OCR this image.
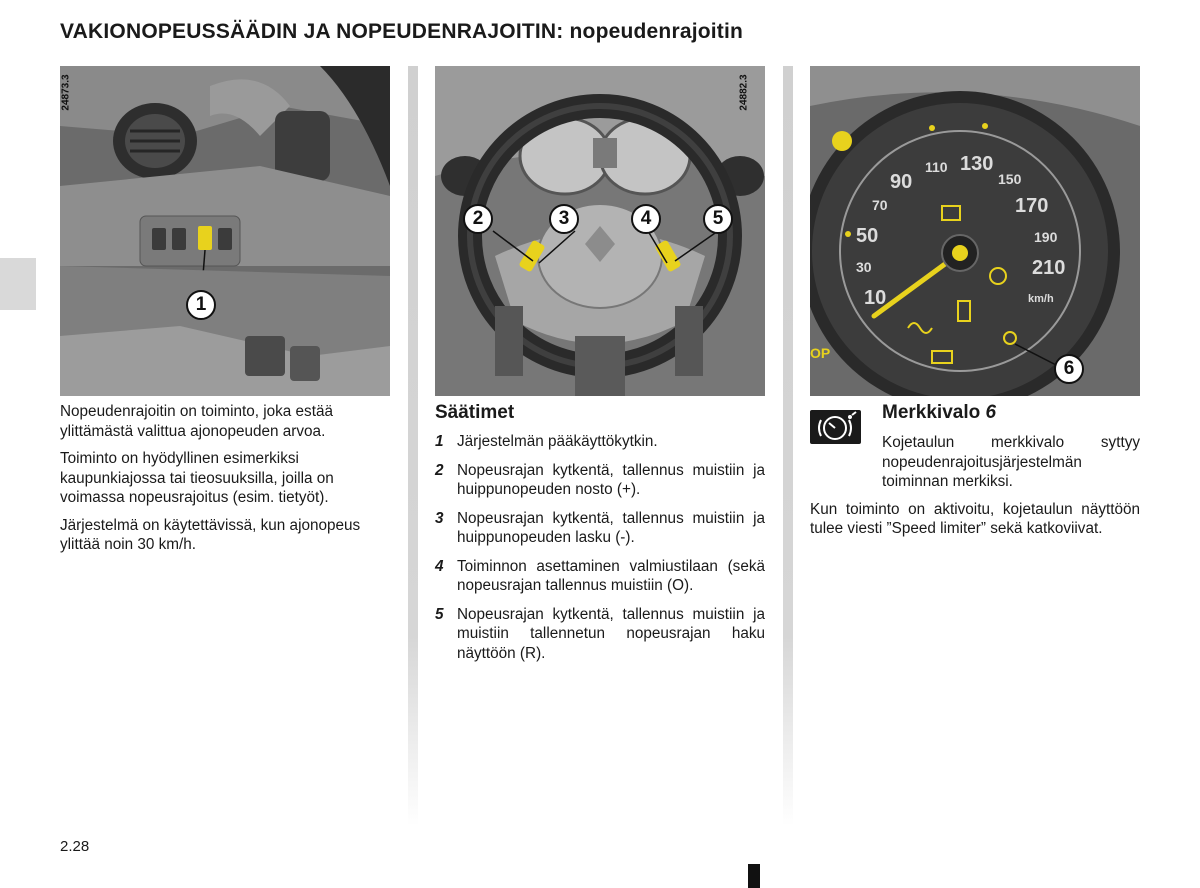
VAKIONOPEUSSÄÄDIN JA NOPEUDENRAJOITIN: nopeudenrajoitin
24873.3
1
24882.3
2	3	4	5
10
30
50
70
90
110 130
150
170
190
210
km/h
OP
6

Nopeudenrajoitin on toiminto, joka estää ylittämästä valittua ajonopeuden arvoa.

Toiminto on hyödyllinen esimerkiksi kaupunkiajossa tai tieosuuksilla, joilla on voimassa nopeusrajoitus (esim. tietyöt).

Järjestelmä on käytettävissä, kun ajonopeus ylittää noin 30 km/h.

Säätimet
1 Järjestelmän pääkäyttökytkin.
2 Nopeusrajan kytkentä, tallennus muistiin ja huippunopeuden nosto (+).
3 Nopeusrajan kytkentä, tallennus muistiin ja huippunopeuden lasku (-).
4 Toiminnon asettaminen valmiustilaan (sekä nopeusrajan tallennus muistiin (O).
5 Nopeusrajan kytkentä, tallennus muistiin ja muistiin tallennetun nopeusrajan haku näyttöön (R).
Merkkivalo 6

Kojetaulun merkkivalo syttyy nopeudenrajoitusjärjestelmän toiminnan merkiksi.

Kun toiminto on aktivoitu, kojetaulun näyttöön tulee viesti ”Speed limiter” sekä katkoviivat.

2.28
